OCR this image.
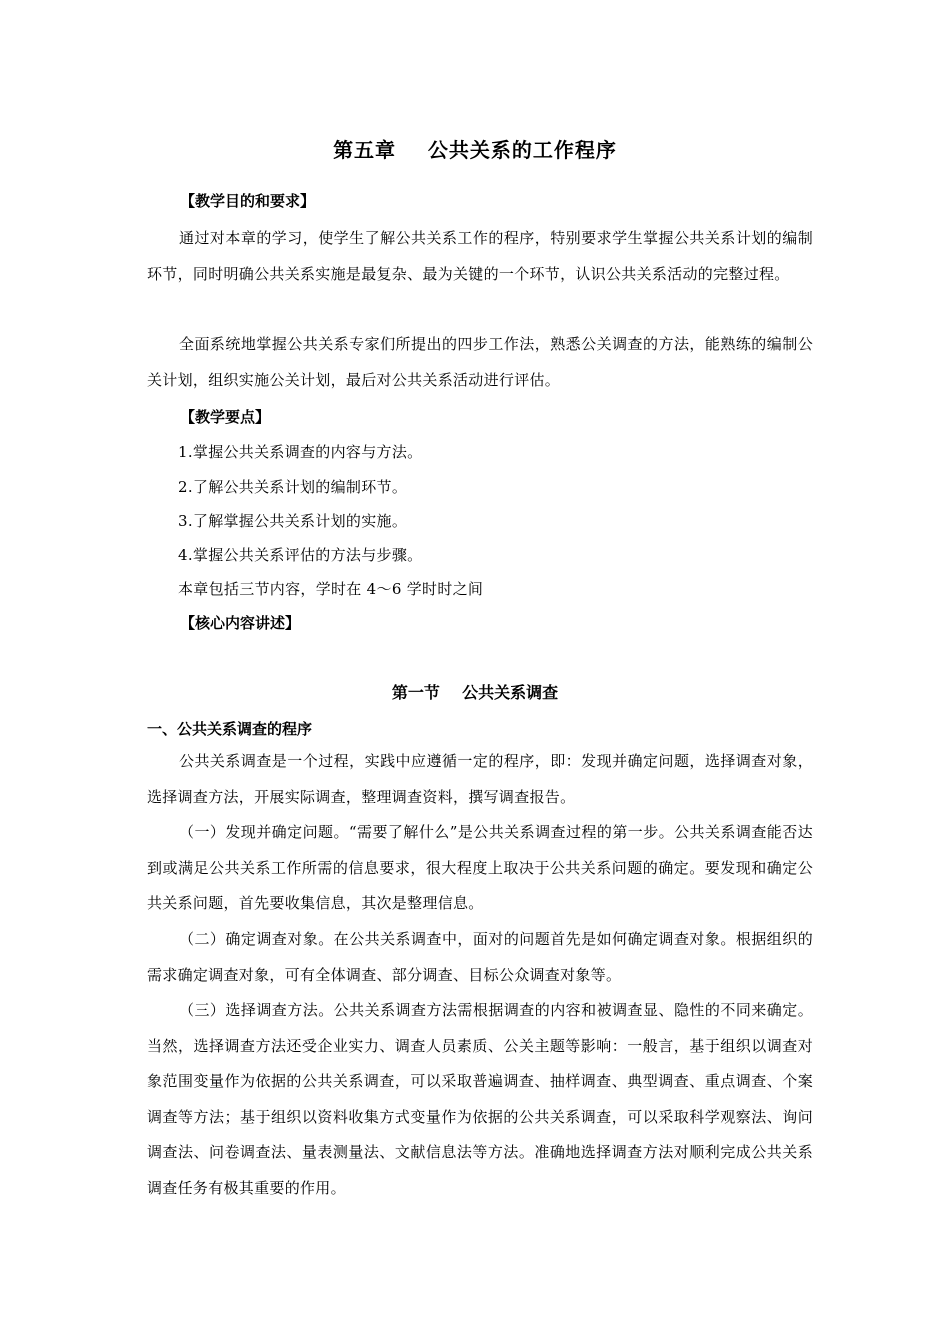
第五章    公共关系的工作程序
【教学目的和要求】

通过对本章的学习，使学生了解公共关系工作的程序，特别要求学生掌握公共关系计划的编制环节，同时明确公共关系实施是最复杂、最为关键的一个环节，认识公共关系活动的完整过程。

全面系统地掌握公共关系专家们所提出的四步工作法，熟悉公关调查的方法，能熟练的编制公关计划，组织实施公关计划，最后对公共关系活动进行评估。

【教学要点】
1.掌握公共关系调查的内容与方法。
2.了解公共关系计划的编制环节。
3.了解掌握公共关系计划的实施。
4.掌握公共关系评估的方法与步骤。
本章包括三节内容，学时在 4～6 学时时之间
【核心内容讲述】
第一节    公共关系调查
一、公共关系调查的程序

公共关系调查是一个过程，实践中应遵循一定的程序，即：发现并确定问题，选择调查对象，选择调查方法，开展实际调查，整理调查资料，撰写调查报告。

（一）发现并确定问题。“需要了解什么”是公共关系调查过程的第一步。公共关系调查能否达到或满足公共关系工作所需的信息要求，很大程度上取决于公共关系问题的确定。要发现和确定公共关系问题，首先要收集信息，其次是整理信息。

（二）确定调查对象。在公共关系调查中，面对的问题首先是如何确定调查对象。根据组织的需求确定调查对象，可有全体调查、部分调查、目标公众调查对象等。

（三）选择调查方法。公共关系调查方法需根据调查的内容和被调查显、隐性的不同来确定。当然，选择调查方法还受企业实力、调查人员素质、公关主题等影响：一般言，基于组织以调查对象范围变量作为依据的公共关系调查，可以采取普遍调查、抽样调查、典型调查、重点调查、个案调查等方法；基于组织以资料收集方式变量作为依据的公共关系调查，可以采取科学观察法、询问调查法、问卷调查法、量表测量法、文献信息法等方法。准确地选择调查方法对顺利完成公共关系调查任务有极其重要的作用。
